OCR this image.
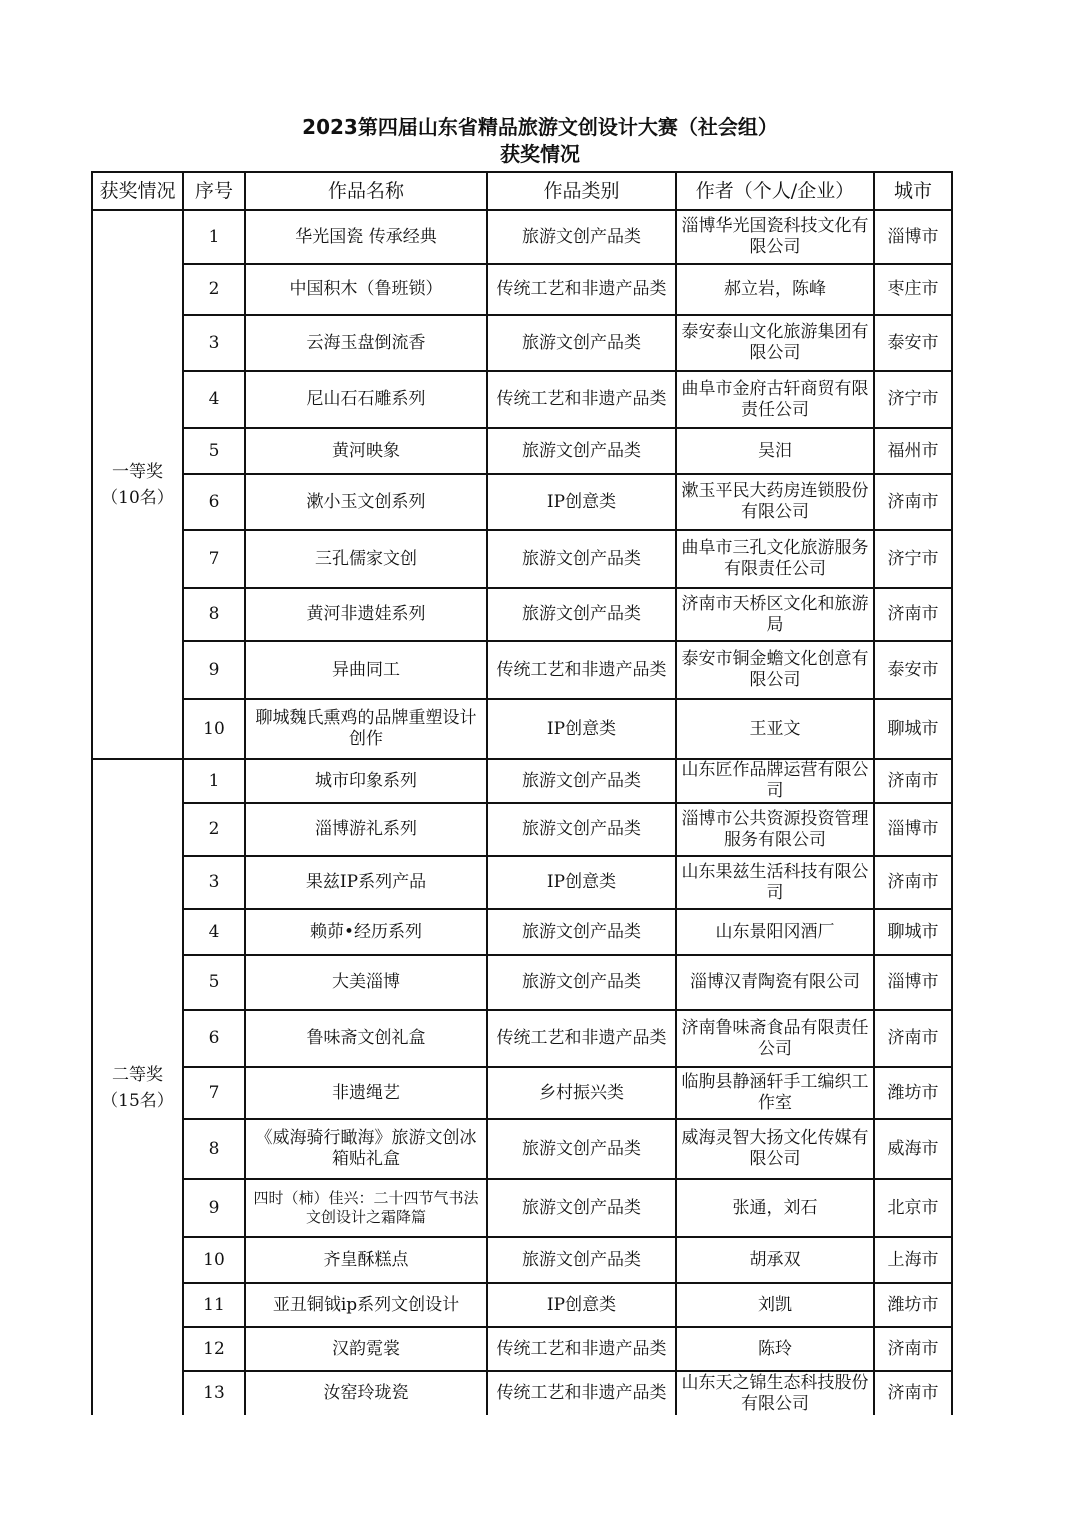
2023第四届山东省精品旅游文创设计大赛（社会组）
获奖情况
获奖情况	序号	作品名称	作品类别	作者（个人/企业）	城市

一等奖
（10名）	1	华光国瓷 传承经典	旅游文创产品类	淄博华光国瓷科技文化有限公司	淄博市
	2	中国积木（鲁班锁）	传统工艺和非遗产品类	郝立岩，陈峰	枣庄市
	3	云海玉盘倒流香	旅游文创产品类	泰安泰山文化旅游集团有限公司	泰安市
	4	尼山石石雕系列	传统工艺和非遗产品类	曲阜市金府古轩商贸有限责任公司	济宁市
	5	黄河映象	旅游文创产品类	吴汨	福州市
	6	漱小玉文创系列	IP创意类	漱玉平民大药房连锁股份有限公司	济南市
	7	三孔儒家文创	旅游文创产品类	曲阜市三孔文化旅游服务有限责任公司	济宁市
	8	黄河非遗娃系列	旅游文创产品类	济南市天桥区文化和旅游局	济南市
	9	异曲同工	传统工艺和非遗产品类	泰安市铜金蟾文化创意有限公司	泰安市
	10	聊城魏氏熏鸡的品牌重塑设计创作	IP创意类	王亚文	聊城市

二等奖
（15名）	1	城市印象系列	旅游文创产品类	山东匠作品牌运营有限公司	济南市
	2	淄博游礼系列	旅游文创产品类	淄博市公共资源投资管理服务有限公司	淄博市
	3	果兹IP系列产品	IP创意类	山东果兹生活科技有限公司	济南市
	4	赖茆•经历系列	旅游文创产品类	山东景阳冈酒厂	聊城市
	5	大美淄博	旅游文创产品类	淄博汉青陶瓷有限公司	淄博市
	6	鲁味斋文创礼盒	传统工艺和非遗产品类	济南鲁味斋食品有限责任公司	济南市
	7	非遗绳艺	乡村振兴类	临朐县静涵轩手工编织工作室	潍坊市
	8	《威海骑行瞰海》旅游文创冰箱贴礼盒	旅游文创产品类	威海灵智大扬文化传媒有限公司	威海市
	9	四时（柿）佳兴：二十四节气书法文创设计之霜降篇	旅游文创产品类	张通，刘石	北京市
	10	齐皇酥糕点	旅游文创产品类	胡承双	上海市
	11	亚丑铜钺ip系列文创设计	IP创意类	刘凯	潍坊市
	12	汉韵霓裳	传统工艺和非遗产品类	陈玲	济南市
	13	汝窑玲珑瓷	传统工艺和非遗产品类	山东天之锦生态科技股份有限公司	济南市
